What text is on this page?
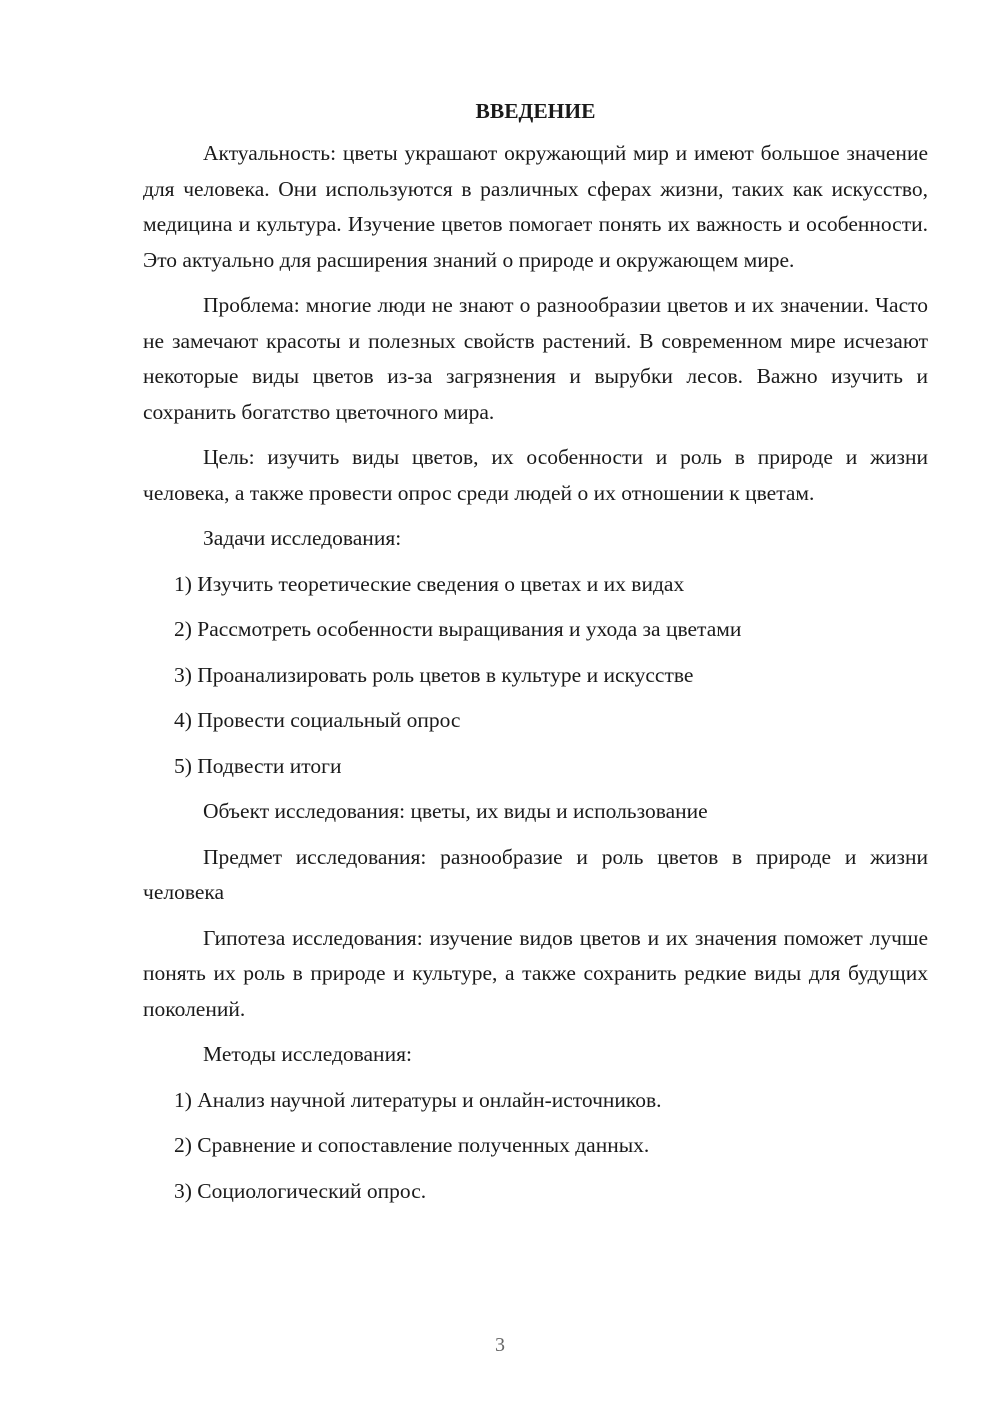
ВВЕДЕНИЕ
Актуальность: цветы украшают окружающий мир и имеют большое значение для человека. Они используются в различных сферах жизни, таких как искусство, медицина и культура. Изучение цветов помогает понять их важность и особенности. Это актуально для расширения знаний о природе и окружающем мире.
Проблема: многие люди не знают о разнообразии цветов и их значении. Часто не замечают красоты и полезных свойств растений. В современном мире исчезают некоторые виды цветов из-за загрязнения и вырубки лесов. Важно изучить и сохранить богатство цветочного мира.
Цель: изучить виды цветов, их особенности и роль в природе и жизни человека, а также провести опрос среди людей о их отношении к цветам.
Задачи исследования:
1) Изучить теоретические сведения о цветах и их видах
2) Рассмотреть особенности выращивания и ухода за цветами
3) Проанализировать роль цветов в культуре и искусстве
4) Провести социальный опрос
5) Подвести итоги
Объект исследования: цветы, их виды и использование
Предмет исследования: разнообразие и роль цветов в природе и жизни человека
Гипотеза исследования: изучение видов цветов и их значения поможет лучше понять их роль в природе и культуре, а также сохранить редкие виды для будущих поколений.
Методы исследования:
1) Анализ научной литературы и онлайн-источников.
2) Сравнение и сопоставление полученных данных.
3) Социологический опрос.
3
